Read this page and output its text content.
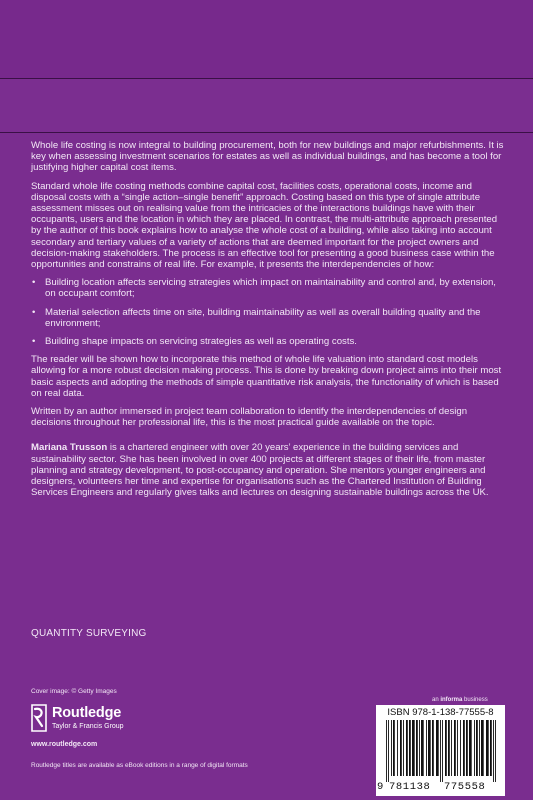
Whole life costing is now integral to building procurement, both for new buildings and major refurbishments. It is key when assessing investment scenarios for estates as well as individual buildings, and has become a tool for justifying higher capital cost items.

Standard whole life costing methods combine capital cost, facilities costs, operational costs, income and disposal costs with a “single action–single benefit” approach. Costing based on this type of single attribute assessment misses out on realising value from the intricacies of the interactions buildings have with their occupants, users and the location in which they are placed. In contrast, the multi-attribute approach presented by the author of this book explains how to analyse the whole cost of a building, while also taking into account secondary and tertiary values of a variety of actions that are deemed important for the project owners and decision-making stakeholders. The process is an effective tool for presenting a good business case within the opportunities and constrains of real life. For example, it presents the interdependencies of how:

• Building location affects servicing strategies which impact on maintainability and control and, by extension, on occupant comfort;
• Material selection affects time on site, building maintainability as well as overall building quality and the environment;
• Building shape impacts on servicing strategies as well as operating costs.

The reader will be shown how to incorporate this method of whole life valuation into standard cost models allowing for a more robust decision making process. This is done by breaking down project aims into their most basic aspects and adopting the methods of simple quantitative risk analysis, the functionality of which is based on real data.

Written by an author immersed in project team collaboration to identify the interdependencies of design decisions throughout her professional life, this is the most practical guide available on the topic.

Mariana Trusson is a chartered engineer with over 20 years’ experience in the building services and sustainability sector. She has been involved in over 400 projects at different stages of their life, from master planning and strategy development, to post-occupancy and operation. She mentors younger engineers and designers, volunteers her time and expertise for organisations such as the Chartered Institution of Building Services Engineers and regularly gives talks and lectures on designing sustainable buildings across the UK.

QUANTITY SURVEYING
Cover image: © Getty Images
Routledge
Taylor & Francis Group
www.routledge.com
Routledge titles are available as eBook editions in a range of digital formats
an informa business
ISBN 978-1-138-77555-8
9 781138 775558
